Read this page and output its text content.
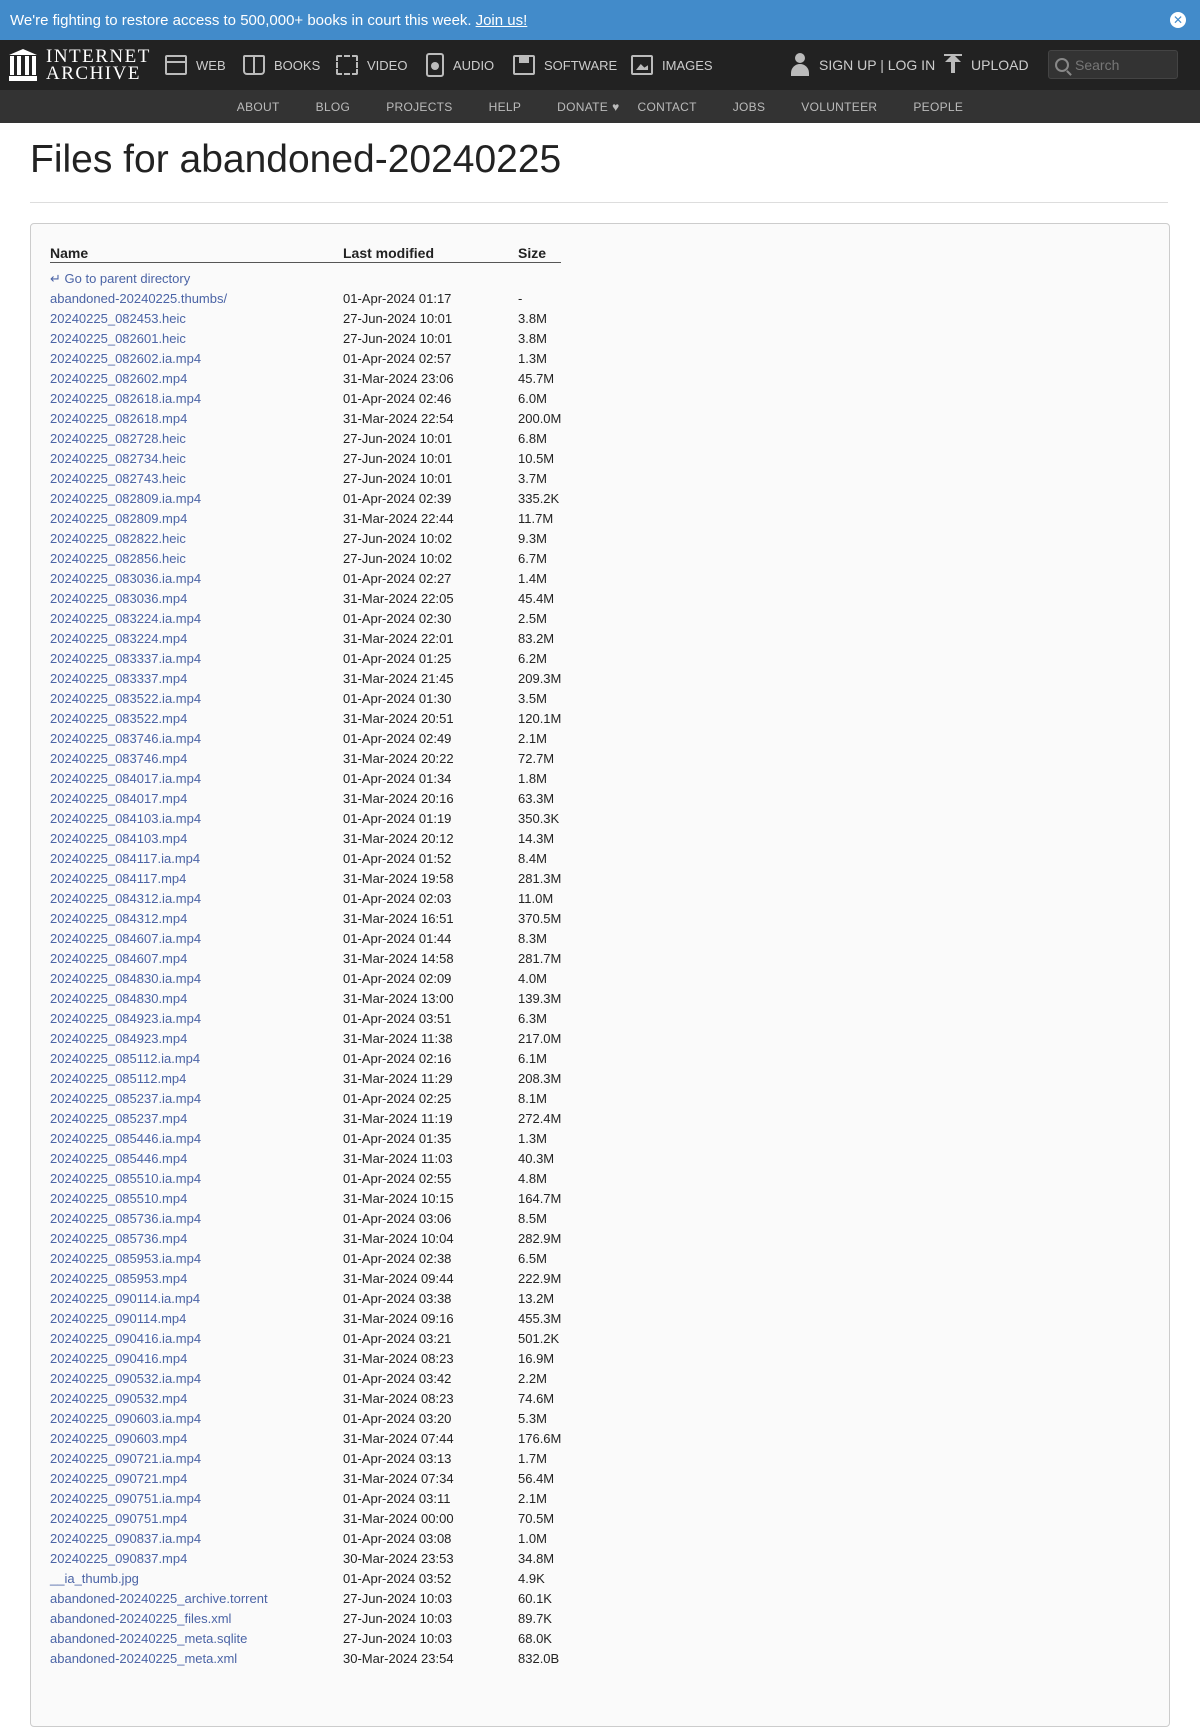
We're fighting to restore access to 500,000+ books in court this week. Join us!	✕
INTERNET
ARCHIVE	WEB	BOOKS	VIDEO	AUDIO	SOFTWARE	IMAGES	SIGN UP | LOG IN	UPLOAD
Search
ABOUT	BLOG	PROJECTS	HELP	DONATE ♥ CONTACT	JOBS	VOLUNTEER	PEOPLE
Files for abandoned-20240225
Name	Last modified	Size
↵ Go to parent directory		
abandoned-20240225.thumbs/	01-Apr-2024 01:17	-
20240225_082453.heic	27-Jun-2024 10:01	3.8M
20240225_082601.heic	27-Jun-2024 10:01	3.8M
20240225_082602.ia.mp4	01-Apr-2024 02:57	1.3M
20240225_082602.mp4	31-Mar-2024 23:06	45.7M
20240225_082618.ia.mp4	01-Apr-2024 02:46	6.0M
20240225_082618.mp4	31-Mar-2024 22:54	200.0M
20240225_082728.heic	27-Jun-2024 10:01	6.8M
20240225_082734.heic	27-Jun-2024 10:01	10.5M
20240225_082743.heic	27-Jun-2024 10:01	3.7M
20240225_082809.ia.mp4	01-Apr-2024 02:39	335.2K
20240225_082809.mp4	31-Mar-2024 22:44	11.7M
20240225_082822.heic	27-Jun-2024 10:02	9.3M
20240225_082856.heic	27-Jun-2024 10:02	6.7M
20240225_083036.ia.mp4	01-Apr-2024 02:27	1.4M
20240225_083036.mp4	31-Mar-2024 22:05	45.4M
20240225_083224.ia.mp4	01-Apr-2024 02:30	2.5M
20240225_083224.mp4	31-Mar-2024 22:01	83.2M
20240225_083337.ia.mp4	01-Apr-2024 01:25	6.2M
20240225_083337.mp4	31-Mar-2024 21:45	209.3M
20240225_083522.ia.mp4	01-Apr-2024 01:30	3.5M
20240225_083522.mp4	31-Mar-2024 20:51	120.1M
20240225_083746.ia.mp4	01-Apr-2024 02:49	2.1M
20240225_083746.mp4	31-Mar-2024 20:22	72.7M
20240225_084017.ia.mp4	01-Apr-2024 01:34	1.8M
20240225_084017.mp4	31-Mar-2024 20:16	63.3M
20240225_084103.ia.mp4	01-Apr-2024 01:19	350.3K
20240225_084103.mp4	31-Mar-2024 20:12	14.3M
20240225_084117.ia.mp4	01-Apr-2024 01:52	8.4M
20240225_084117.mp4	31-Mar-2024 19:58	281.3M
20240225_084312.ia.mp4	01-Apr-2024 02:03	11.0M
20240225_084312.mp4	31-Mar-2024 16:51	370.5M
20240225_084607.ia.mp4	01-Apr-2024 01:44	8.3M
20240225_084607.mp4	31-Mar-2024 14:58	281.7M
20240225_084830.ia.mp4	01-Apr-2024 02:09	4.0M
20240225_084830.mp4	31-Mar-2024 13:00	139.3M
20240225_084923.ia.mp4	01-Apr-2024 03:51	6.3M
20240225_084923.mp4	31-Mar-2024 11:38	217.0M
20240225_085112.ia.mp4	01-Apr-2024 02:16	6.1M
20240225_085112.mp4	31-Mar-2024 11:29	208.3M
20240225_085237.ia.mp4	01-Apr-2024 02:25	8.1M
20240225_085237.mp4	31-Mar-2024 11:19	272.4M
20240225_085446.ia.mp4	01-Apr-2024 01:35	1.3M
20240225_085446.mp4	31-Mar-2024 11:03	40.3M
20240225_085510.ia.mp4	01-Apr-2024 02:55	4.8M
20240225_085510.mp4	31-Mar-2024 10:15	164.7M
20240225_085736.ia.mp4	01-Apr-2024 03:06	8.5M
20240225_085736.mp4	31-Mar-2024 10:04	282.9M
20240225_085953.ia.mp4	01-Apr-2024 02:38	6.5M
20240225_085953.mp4	31-Mar-2024 09:44	222.9M
20240225_090114.ia.mp4	01-Apr-2024 03:38	13.2M
20240225_090114.mp4	31-Mar-2024 09:16	455.3M
20240225_090416.ia.mp4	01-Apr-2024 03:21	501.2K
20240225_090416.mp4	31-Mar-2024 08:23	16.9M
20240225_090532.ia.mp4	01-Apr-2024 03:42	2.2M
20240225_090532.mp4	31-Mar-2024 08:23	74.6M
20240225_090603.ia.mp4	01-Apr-2024 03:20	5.3M
20240225_090603.mp4	31-Mar-2024 07:44	176.6M
20240225_090721.ia.mp4	01-Apr-2024 03:13	1.7M
20240225_090721.mp4	31-Mar-2024 07:34	56.4M
20240225_090751.ia.mp4	01-Apr-2024 03:11	2.1M
20240225_090751.mp4	31-Mar-2024 00:00	70.5M
20240225_090837.ia.mp4	01-Apr-2024 03:08	1.0M
20240225_090837.mp4	30-Mar-2024 23:53	34.8M
__ia_thumb.jpg	01-Apr-2024 03:52	4.9K
abandoned-20240225_archive.torrent	27-Jun-2024 10:03	60.1K
abandoned-20240225_files.xml	27-Jun-2024 10:03	89.7K
abandoned-20240225_meta.sqlite	27-Jun-2024 10:03	68.0K
abandoned-20240225_meta.xml	30-Mar-2024 23:54	832.0B
